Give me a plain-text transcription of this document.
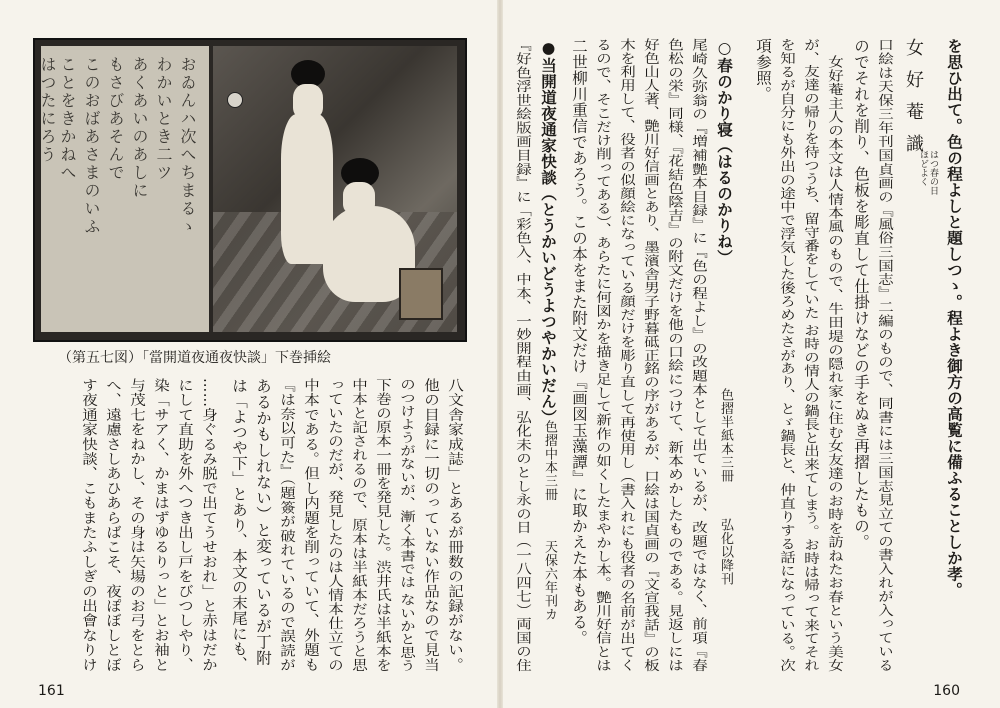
を思ひ出て。色の程よしと題しつゝ。程よき御方の高覧に備ふることしか孝。
ほどよく はつ春の日
女好菴識
口絵は天保三年刊国貞画の『風俗三国志』二編のもので、同書には三国志見立ての書入れが入っている
のでそれを削り、色板を彫直して仕掛けなどの手をぬき再摺したもの。
女好菴主人の本文は人情本風のもので、牛田堤の隠れ家に住む女友達のお時を訪ねたお春という美女
が、友達の帰りを待つうち、留守番をしていた お時の情人の鍋長と出来てしまう。お時は帰って来てそれ
を知るが自分にも外出の途中で浮気した後ろめたさがあり、とゞ鍋長と、仲直りする話になっている。次
項参照。

○春のかり寝（はるのかりね）
色摺半紙本三冊
弘化以降刊
尾崎久弥翁の『増補艶本目録』に『色の程よし』の改題本として出ているが、改題ではなく、前項『春
色松の栄』同様、『花結色陰吉』の附文だけを他の口絵につけて、新本めかしたものである。見返しには
好色山人著、艶川好信画とあり、墨濱舎男子野暮砥正銘の序があるが、口絵は国貞画の『文宣我話』の板
木を利用して、役者の似顔絵になっている顔だけを彫り直して再使用し（書入れにも役者の名前が出てく
るので、そこだけ削ってある）、あらたに何図かを描き足して新作の如くしたまやかし本。艶川好信とは
二世柳川重信であろう。この本をまた附文だけ『画図玉藻譚』に取かえた本もある。
●当開道夜通家快談（とうかいどうよつやかいだん）
色摺中本三冊
天保六年刊カ
『好色浮世絵版画目録』に「彩色入、中本、一妙開程由画、弘化未のとし永の日（一八四七）両国の住
160
おゐんハ次へちまるゝ
わかいとき二ツ
あくあいのあしに
もさびあそんで
このおばあさまのいふ
ことをきかねへ
はつたにろう
（第五七図）「當開道夜通夜快談」下巻挿絵
八文舎家成誌」とあるが冊数の記録がない。
他の目録に一切のっていない作品なので見当
のつけようがないが、漸く本書では ないかと思う
下巻の原本一冊を発見した。渋井氏は半紙本を
中本と記されるので、原本は半紙本だろうと思
っていたのだが、発見したのは人情本仕立ての
中本である。但し内題を削っていて、外題も
『は奈以可た』（題簽が破れているので誤読が
あるかもしれない）と変っているが丁附
は「よつや下」とあり、本文の末尾にも、
……身ぐるみ脱で出てうせおれ」と赤はだか
にして直助を外へつき出し戸をびつしやり、
染「サアく、かまはずゆるりっと」とお袖と
与茂七をねかし、その身は矢場のお弓をとら
へ、遠慮さしあひあらばこそ、夜ぽぼしとぼ
す夜通家快談、こもまたふしぎの出會なりけ
161
